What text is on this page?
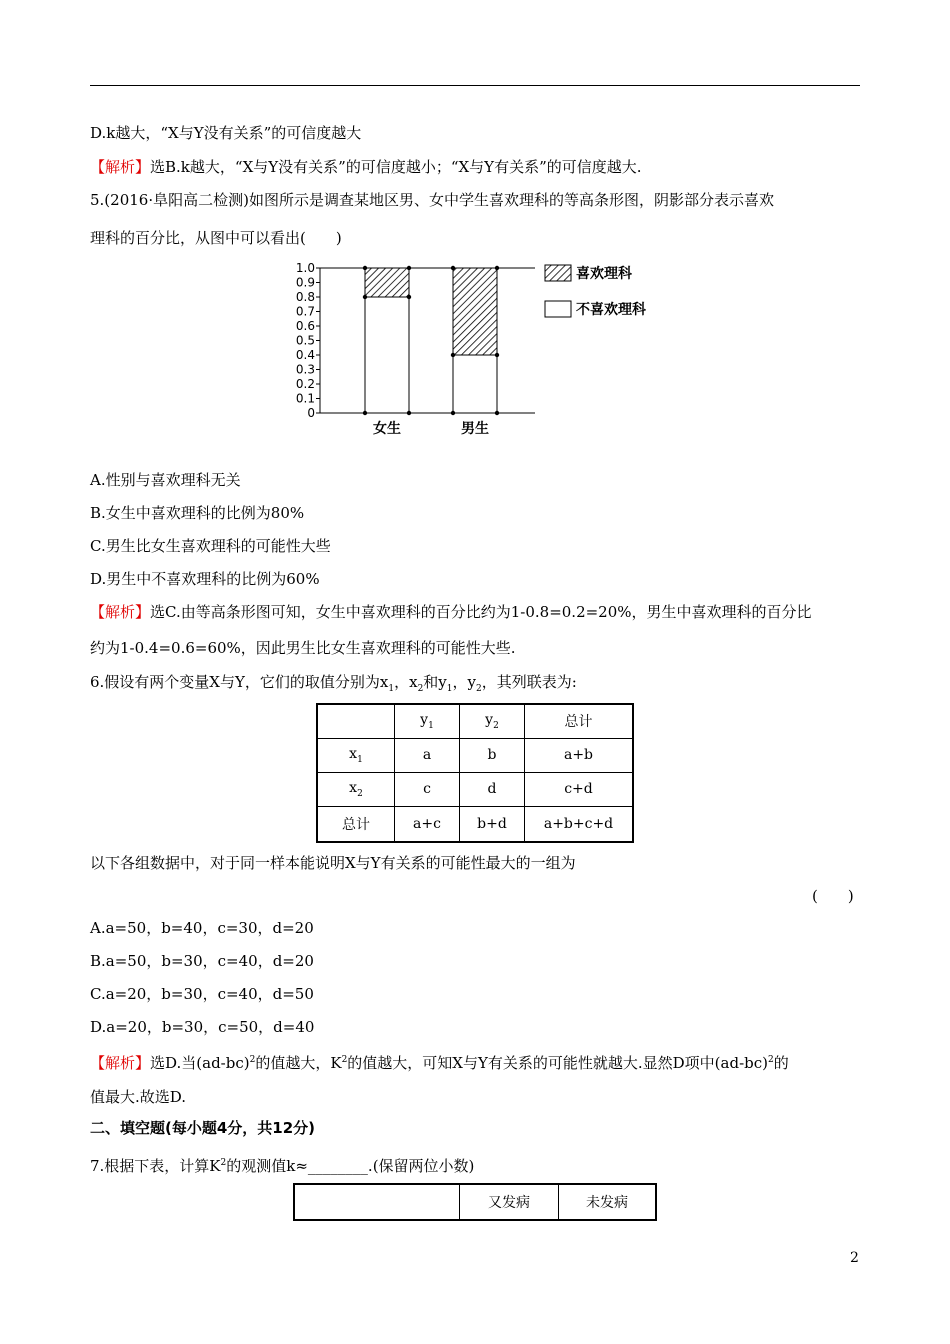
D.k越大，“X与Y没有关系”的可信度越大
【解析】选B.k越大，“X与Y没有关系”的可信度越小；“X与Y有关系”的可信度越大.
5.(2016·阜阳高二检测)如图所示是调查某地区男、女中学生喜欢理科的等高条形图，阴影部分表示喜欢
理科的百分比，从图中可以看出(　　)
0
0.1
0.2
0.3
0.4
0.5
0.6
0.7
0.8
0.9
1.0
女生	男生
喜欢理科
不喜欢理科
A.性别与喜欢理科无关
B.女生中喜欢理科的比例为80%
C.男生比女生喜欢理科的可能性大些
D.男生中不喜欢理科的比例为60%
【解析】选C.由等高条形图可知，女生中喜欢理科的百分比约为1-0.8=0.2=20%，男生中喜欢理科的百分比
约为1-0.4=0.6=60%，因此男生比女生喜欢理科的可能性大些.
6.假设有两个变量X与Y，它们的取值分别为$x_1$，$x_2$和$y_1$，$y_2$，其列联表为:
	$y_1$	$y_2$	总计
$x_1$	a	b	a+b
$x_2$	c	d	c+d
总计	a+c	b+d	a+b+c+d
以下各组数据中，对于同一样本能说明X与Y有关系的可能性最大的一组为
(　　)
A.a=50，b=40，c=30，d=20
B.a=50，b=30，c=40，d=20
C.a=20，b=30，c=40，d=50
D.a=20，b=30，c=50，d=40
【解析】选D.当$(ad-bc)^2$的值越大，$K^2$的值越大，可知X与Y有关系的可能性就越大.显然D项中$(ad-bc)^2$的
值最大.故选D.
二、填空题(每小题4分，共12分)
7.根据下表，计算$K^2$的观测值k≈________.(保留两位小数)
	又发病	未发病
2
